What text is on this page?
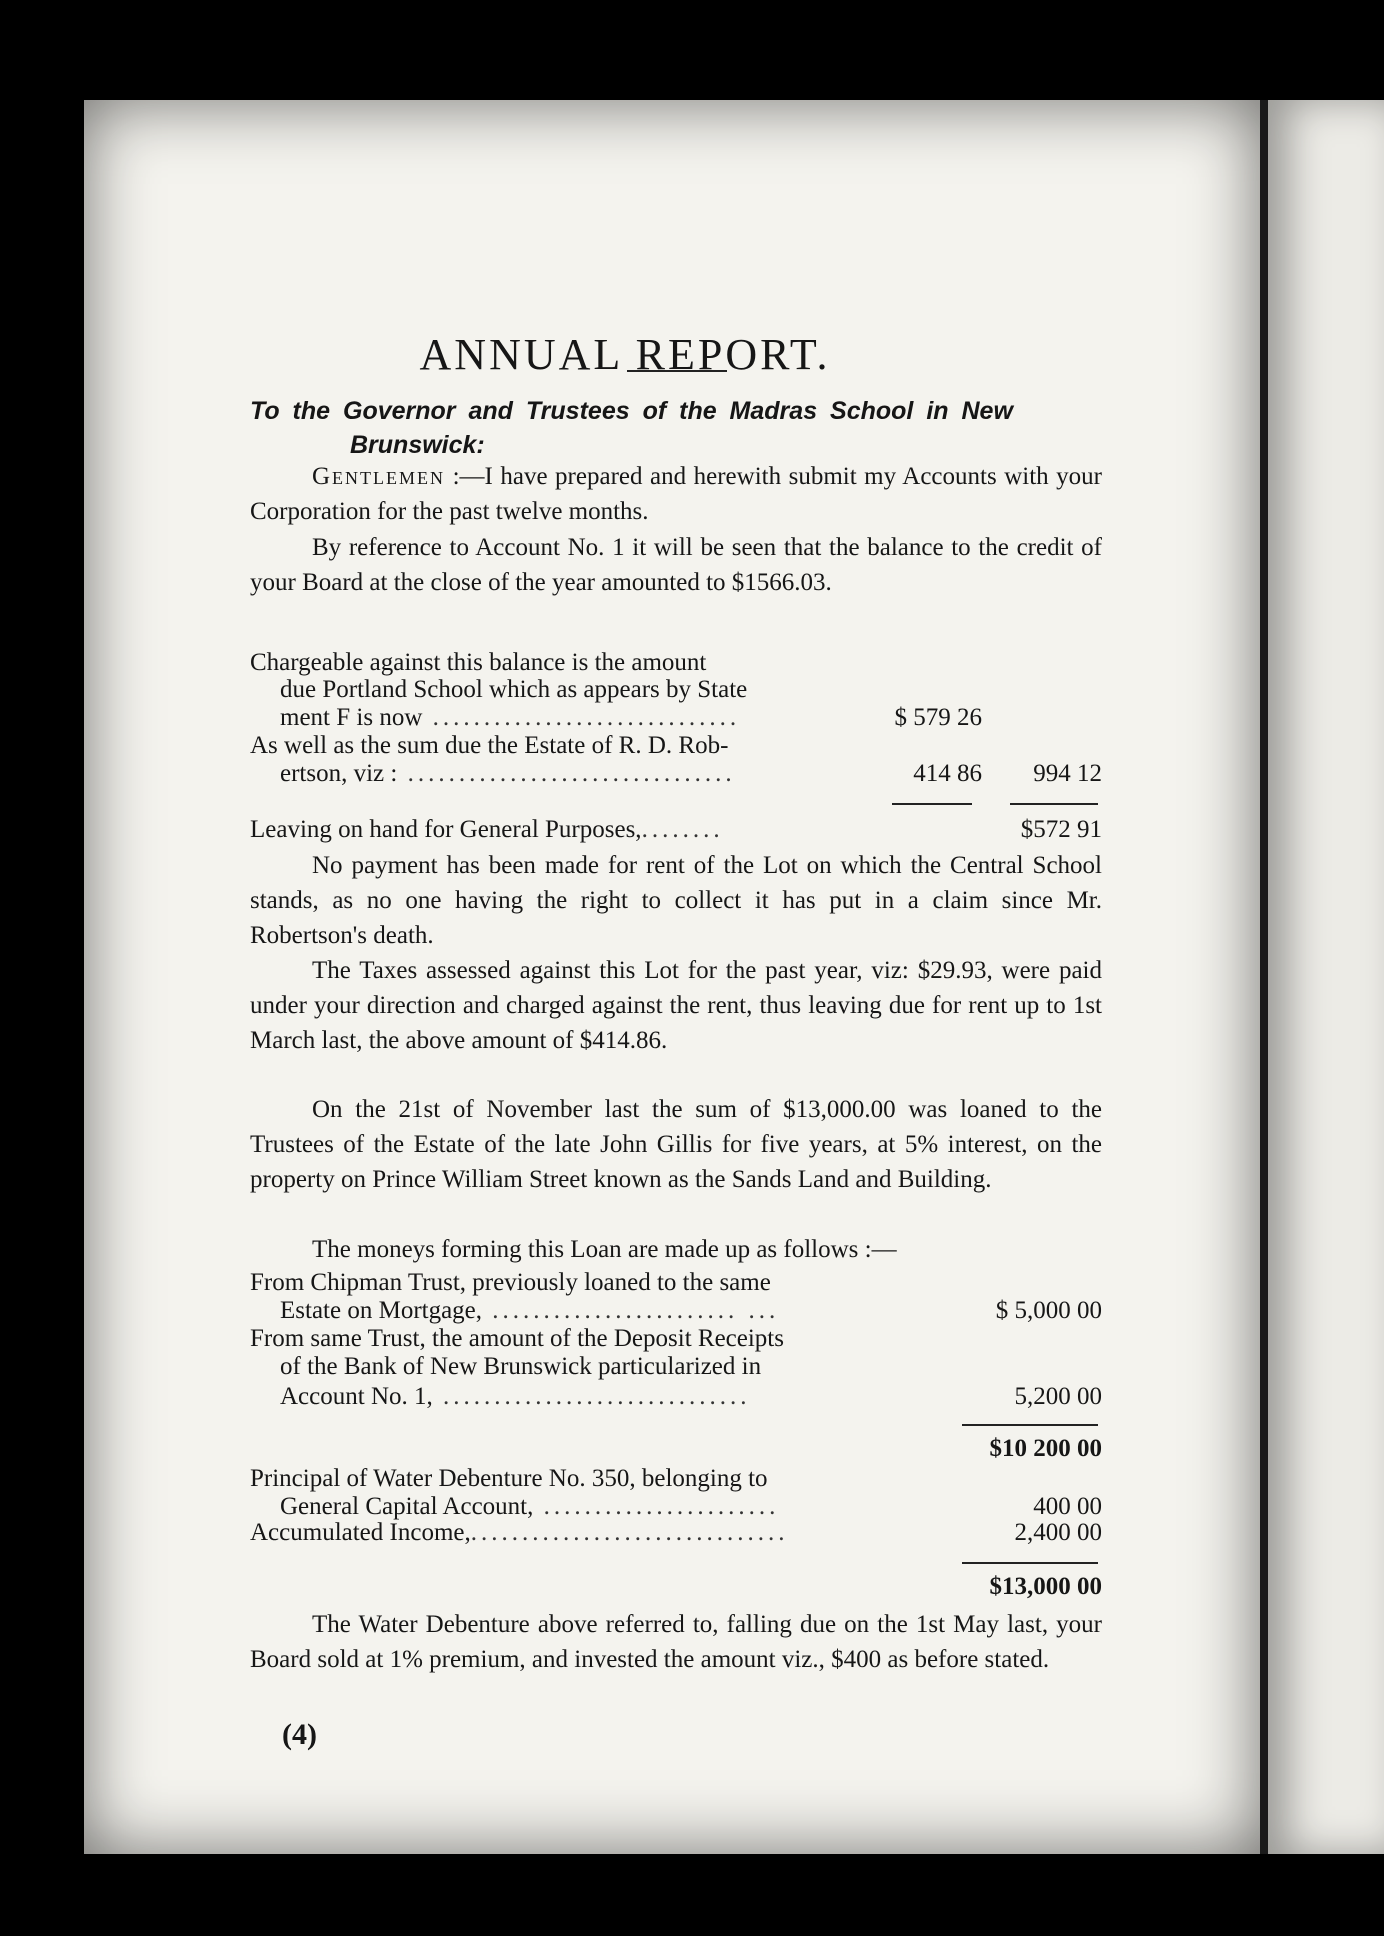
ANNUAL REPORT.
To the Governor and Trustees of the Madras School in New
Brunswick:

Gentlemen :—I have prepared and herewith submit my Accounts with your Corporation for the past twelve months.

By reference to Account No. 1 it will be seen that the balance to the credit of your Board at the close of the year amounted to $1566.03.

Chargeable against this balance is the amount
due Portland School which as appears by State
ment F is now ..............................	$ 579 26
As well as the sum due the Estate of R. D. Rob-
ertson, viz : ................................	414 86	994 12
Leaving on hand for General Purposes,........	$572 91

No payment has been made for rent of the Lot on which the Central School stands, as no one having the right to collect it has put in a claim since Mr. Robertson's death.

The Taxes assessed against this Lot for the past year, viz: $29.93, were paid under your direction and charged against the rent, thus leaving due for rent up to 1st March last, the above amount of $414.86.

On the 21st of November last the sum of $13,000.00 was loaned to the Trustees of the Estate of the late John Gillis for five years, at 5% interest, on the property on Prince William Street known as the Sands Land and Building.

The moneys forming this Loan are made up as follows :—

From Chipman Trust, previously loaned to the same
Estate on Mortgage, ........................ ...	$ 5,000 00
From same Trust, the amount of the Deposit Receipts
of the Bank of New Brunswick particularized in
Account No. 1, ..............................	5,200 00
$10 200 00
Principal of Water Debenture No. 350, belonging to
General Capital Account, .......................	400 00
Accumulated Income,...............................	2,400 00
$13,000 00

The Water Debenture above referred to, falling due on the 1st May last, your Board sold at 1% premium, and invested the amount viz., $400 as before stated.

(4)
